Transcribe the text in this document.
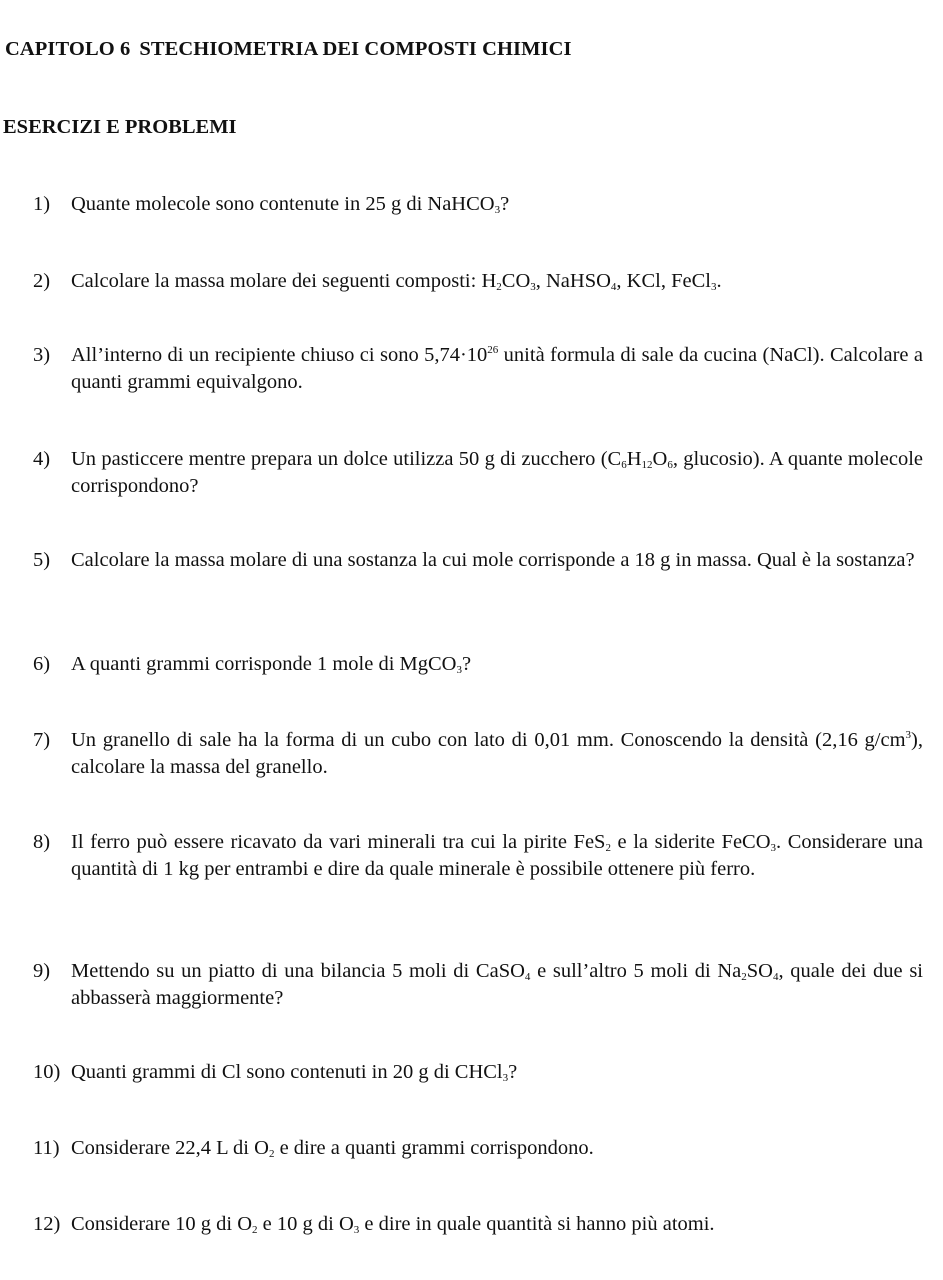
CAPITOLO 6 STECHIOMETRIA DEI COMPOSTI CHIMICI
ESERCIZI E PROBLEMI
1) Quante molecole sono contenute in 25 g di NaHCO$_3$?
2) Calcolare la massa molare dei seguenti composti: $H_2CO_3$, NaHSO$_4$, KCl, FeCl$_3$.
3) All’interno di un recipiente chiuso ci sono $5,74\cdot 10^{26}$ unità formula di sale da cucina (NaCl). Calcolare a quanti grammi equivalgono.
4) Un pasticcere mentre prepara un dolce utilizza 50 g di zucchero ($C_6H_{12}O_6$, glucosio). A quante molecole corrispondono?
5) Calcolare la massa molare di una sostanza la cui mole corrisponde a 18 g in massa. Qual è la sostanza?
6) A quanti grammi corrisponde 1 mole di MgCO$_3$?
7) Un granello di sale ha la forma di un cubo con lato di 0,01 mm. Conoscendo la densità (2,16 $g/cm^3$), calcolare la massa del granello.
8) Il ferro può essere ricavato da vari minerali tra cui la pirite FeS$_2$ e la siderite FeCO$_3$. Considerare una quantità di 1 kg per entrambi e dire da quale minerale è possibile ottenere più ferro.
9) Mettendo su un piatto di una bilancia 5 moli di CaSO$_4$ e sull’altro 5 moli di $Na_2SO_4$, quale dei due si abbasserà maggiormente?
10) Quanti grammi di Cl sono contenuti in 20 g di CHCl$_3$?
11) Considerare 22,4 L di $O_2$ e dire a quanti grammi corrispondono.
12) Considerare 10 g di $O_2$ e 10 g di $O_3$ e dire in quale quantità si hanno più atomi.
